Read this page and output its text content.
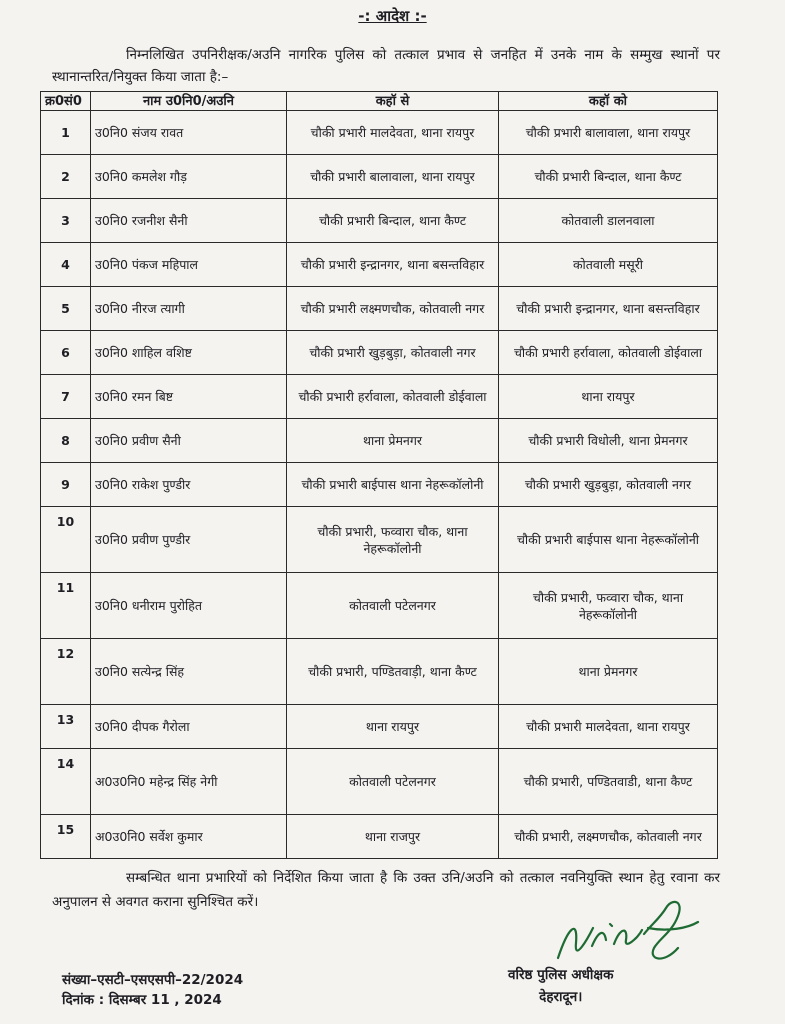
-: आदेश :-
निम्नलिखित उपनिरीक्षक/अउनि नागरिक पुलिस को तत्काल प्रभाव से जनहित में उनके नाम के सम्मुख स्थानों पर स्थानान्तरित/नियुक्त किया जाता है:–
क्र0सं0	नाम उ0नि0/अउनि	कहॉ से	कहॉ को
1	उ0नि0 संजय रावत	चौकी प्रभारी मालदेवता, थाना रायपुर	चौकी प्रभारी बालावाला, थाना रायपुर
2	उ0नि0 कमलेश गौड़	चौकी प्रभारी बालावाला, थाना रायपुर	चौकी प्रभारी बिन्दाल, थाना कैण्ट
3	उ0नि0 रजनीश सैनी	चौकी प्रभारी बिन्दाल, थाना कैण्ट	कोतवाली डालनवाला
4	उ0नि0 पंकज महिपाल	चौकी प्रभारी इन्द्रानगर, थाना बसन्तविहार	कोतवाली मसूरी
5	उ0नि0 नीरज त्यागी	चौकी प्रभारी लक्ष्मणचौक, कोतवाली नगर	चौकी प्रभारी इन्द्रानगर, थाना बसन्तविहार
6	उ0नि0 शाहिल वशिष्ट	चौकी प्रभारी खुड़बुड़ा, कोतवाली नगर	चौकी प्रभारी हर्रावाला, कोतवाली डोईवाला
7	उ0नि0 रमन बिष्ट	चौकी प्रभारी हर्रावाला, कोतवाली डोईवाला	थाना रायपुर
8	उ0नि0 प्रवीण सैनी	थाना प्रेमनगर	चौकी प्रभारी विधोली, थाना प्रेमनगर
9	उ0नि0 राकेश पुण्डीर	चौकी प्रभारी बाईपास थाना नेहरूकॉलोनी	चौकी प्रभारी खुड़बुड़ा, कोतवाली नगर
10	उ0नि0 प्रवीण पुण्डीर	चौकी प्रभारी, फव्वारा चौक, थाना नेहरूकॉलोनी	चौकी प्रभारी बाईपास थाना नेहरूकॉलोनी
11	उ0नि0 धनीराम पुरोहित	कोतवाली पटेलनगर	चौकी प्रभारी, फव्वारा चौक, थाना नेहरूकॉलोनी
12	उ0नि0 सत्येन्द्र सिंह	चौकी प्रभारी, पण्डितवाड़ी, थाना कैण्ट	थाना प्रेमनगर
13	उ0नि0 दीपक गैरोला	थाना रायपुर	चौकी प्रभारी मालदेवता, थाना रायपुर
14	अ0उ0नि0 महेन्द्र सिंह नेगी	कोतवाली पटेलनगर	चौकी प्रभारी, पण्डितवाडी, थाना कैण्ट
15	अ0उ0नि0 सर्वेश कुमार	थाना राजपुर	चौकी प्रभारी, लक्ष्मणचौक, कोतवाली नगर
सम्बन्धित थाना प्रभारियों को निर्देशित किया जाता है कि उक्त उनि/अउनि को तत्काल नवनियुक्ति स्थान हेतु रवाना कर अनुपालन से अवगत कराना सुनिश्चित करें।
संख्या–एसटी–एसएसपी–22/2024
दिनांक : दिसम्बर 11 , 2024
वरिष्ठ पुलिस अधीक्षक
देहरादून।
